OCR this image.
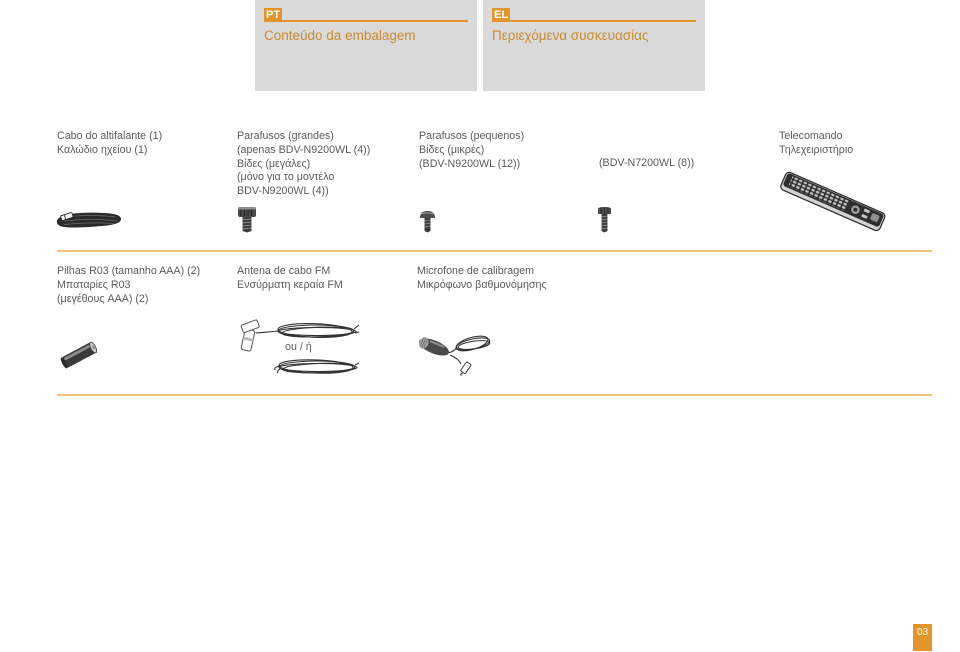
PT
Conteúdo da embalagem
EL
Περιεχόμενα συσκευασίας
Cabo do altifalante (1)
Καλώδιο ηχείου (1)
Parafusos (grandes)
(apenas BDV-N9200WL (4))
Βίδες (μεγάλες)
(μόνο για το μοντέλο
BDV-N9200WL (4))
Parafusos (pequenos)
Βίδες (μικρές)
(BDV-N9200WL (12))	(BDV-N7200WL (8))
Telecomando
Τηλεχειριστήριο
Pilhas R03 (tamanho AAA) (2)
Μπαταρίες R03
(μεγέθους AAA) (2)
Antena de cabo FM
Ενσύρματη κεραία FM
Microfone de calibragem
Μικρόφωνο βαθμονόμησης
ou / ή
03
